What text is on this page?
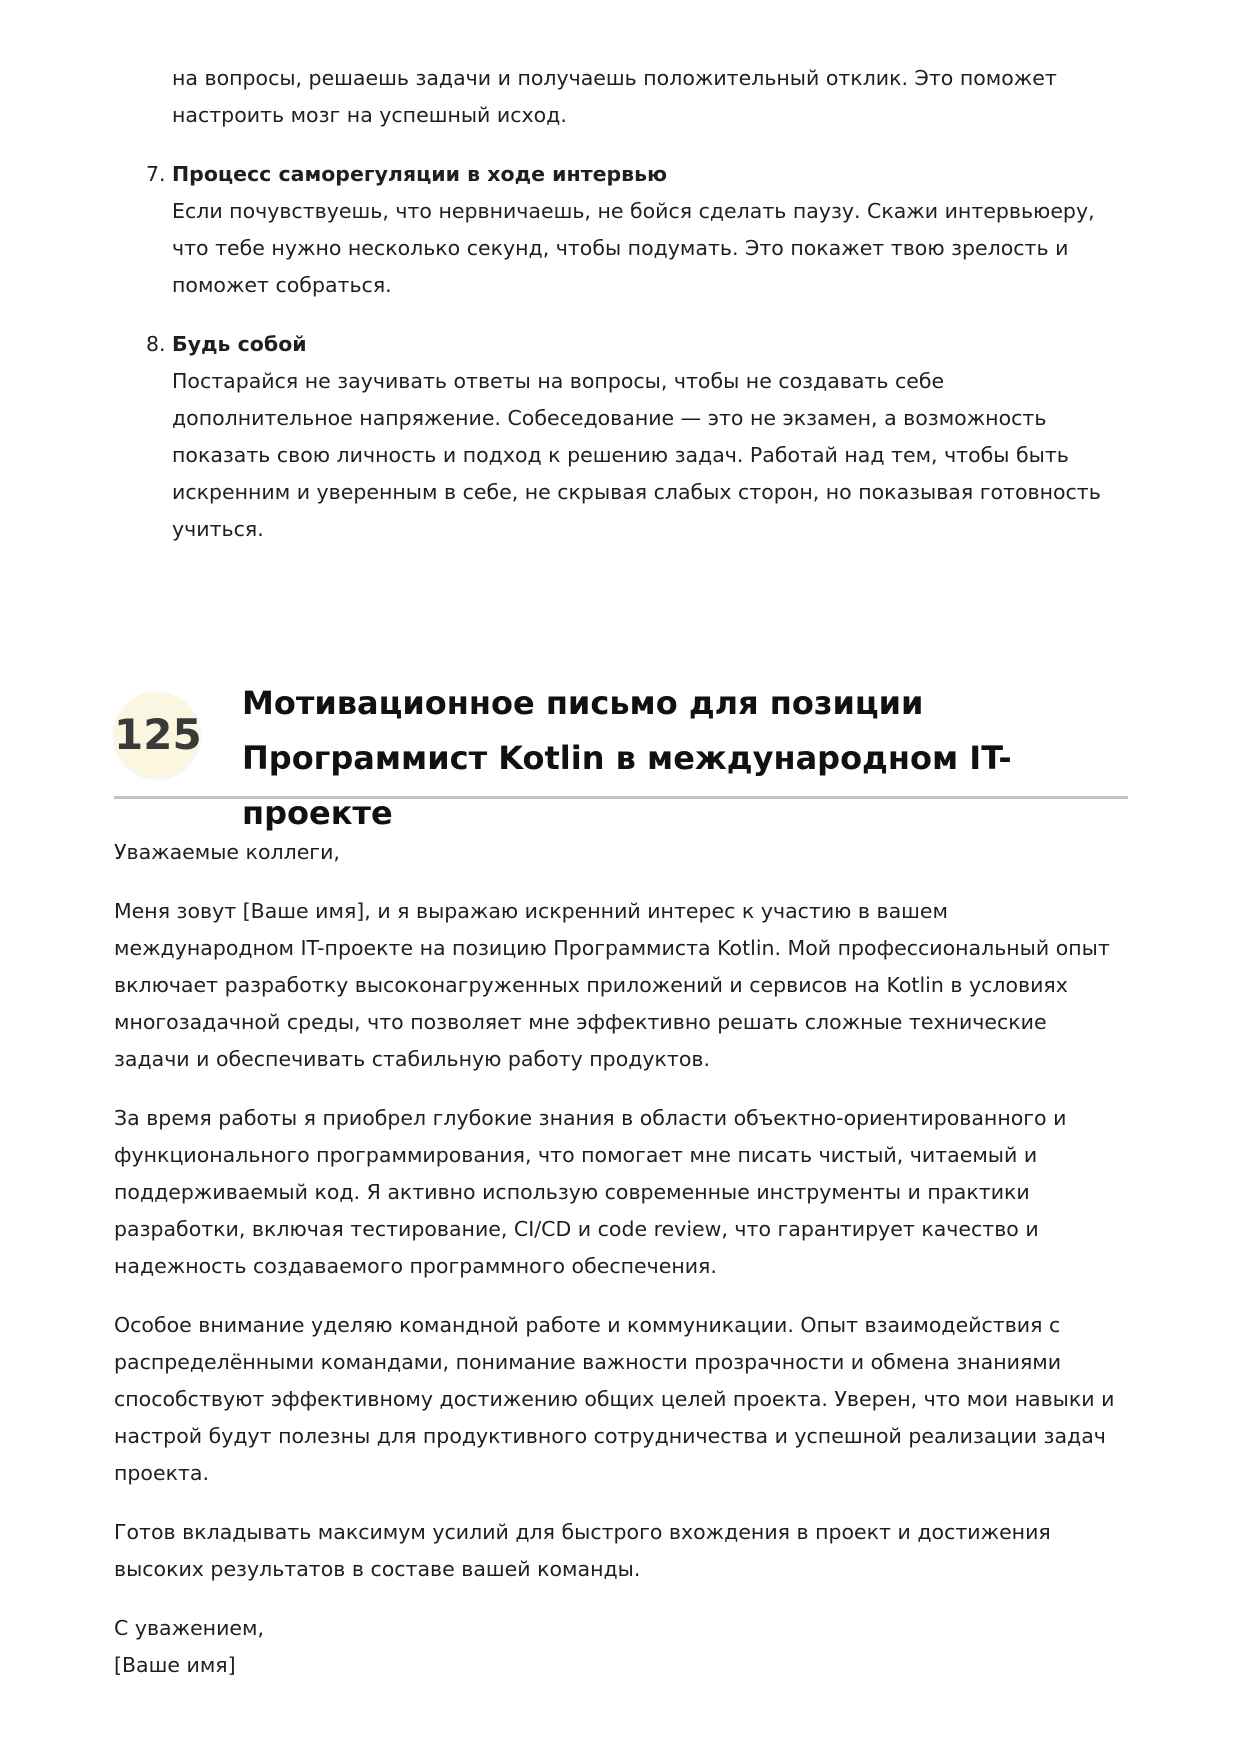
на вопросы, решаешь задачи и получаешь положительный отклик. Это поможет настроить мозг на успешный исход.

7. Процесс саморегуляции в ходе интервью

Если почувствуешь, что нервничаешь, не бойся сделать паузу. Скажи интервьюеру, что тебе нужно несколько секунд, чтобы подумать. Это покажет твою зрелость и поможет собраться.

8. Будь собой

Постарайся не заучивать ответы на вопросы, чтобы не создавать себе дополнительное напряжение. Собеседование — это не экзамен, а возможность показать свою личность и подход к решению задач. Работай над тем, чтобы быть искренним и уверенным в себе, не скрывая слабых сторон, но показывая готовность учиться.

125
Мотивационное письмо для позиции Программист Kotlin в международном IT-проекте

Уважаемые коллеги,

Меня зовут [Ваше имя], и я выражаю искренний интерес к участию в вашем международном IT-проекте на позицию Программиста Kotlin. Мой профессиональный опыт включает разработку высоконагруженных приложений и сервисов на Kotlin в условиях многозадачной среды, что позволяет мне эффективно решать сложные технические задачи и обеспечивать стабильную работу продуктов.

За время работы я приобрел глубокие знания в области объектно-ориентированного и функционального программирования, что помогает мне писать чистый, читаемый и поддерживаемый код. Я активно использую современные инструменты и практики разработки, включая тестирование, CI/CD и code review, что гарантирует качество и надежность создаваемого программного обеспечения.

Особое внимание уделяю командной работе и коммуникации. Опыт взаимодействия с распределёнными командами, понимание важности прозрачности и обмена знаниями способствуют эффективному достижению общих целей проекта. Уверен, что мои навыки и настрой будут полезны для продуктивного сотрудничества и успешной реализации задач проекта.

Готов вкладывать максимум усилий для быстрого вхождения в проект и достижения высоких результатов в составе вашей команды.

С уважением,

[Ваше имя]
